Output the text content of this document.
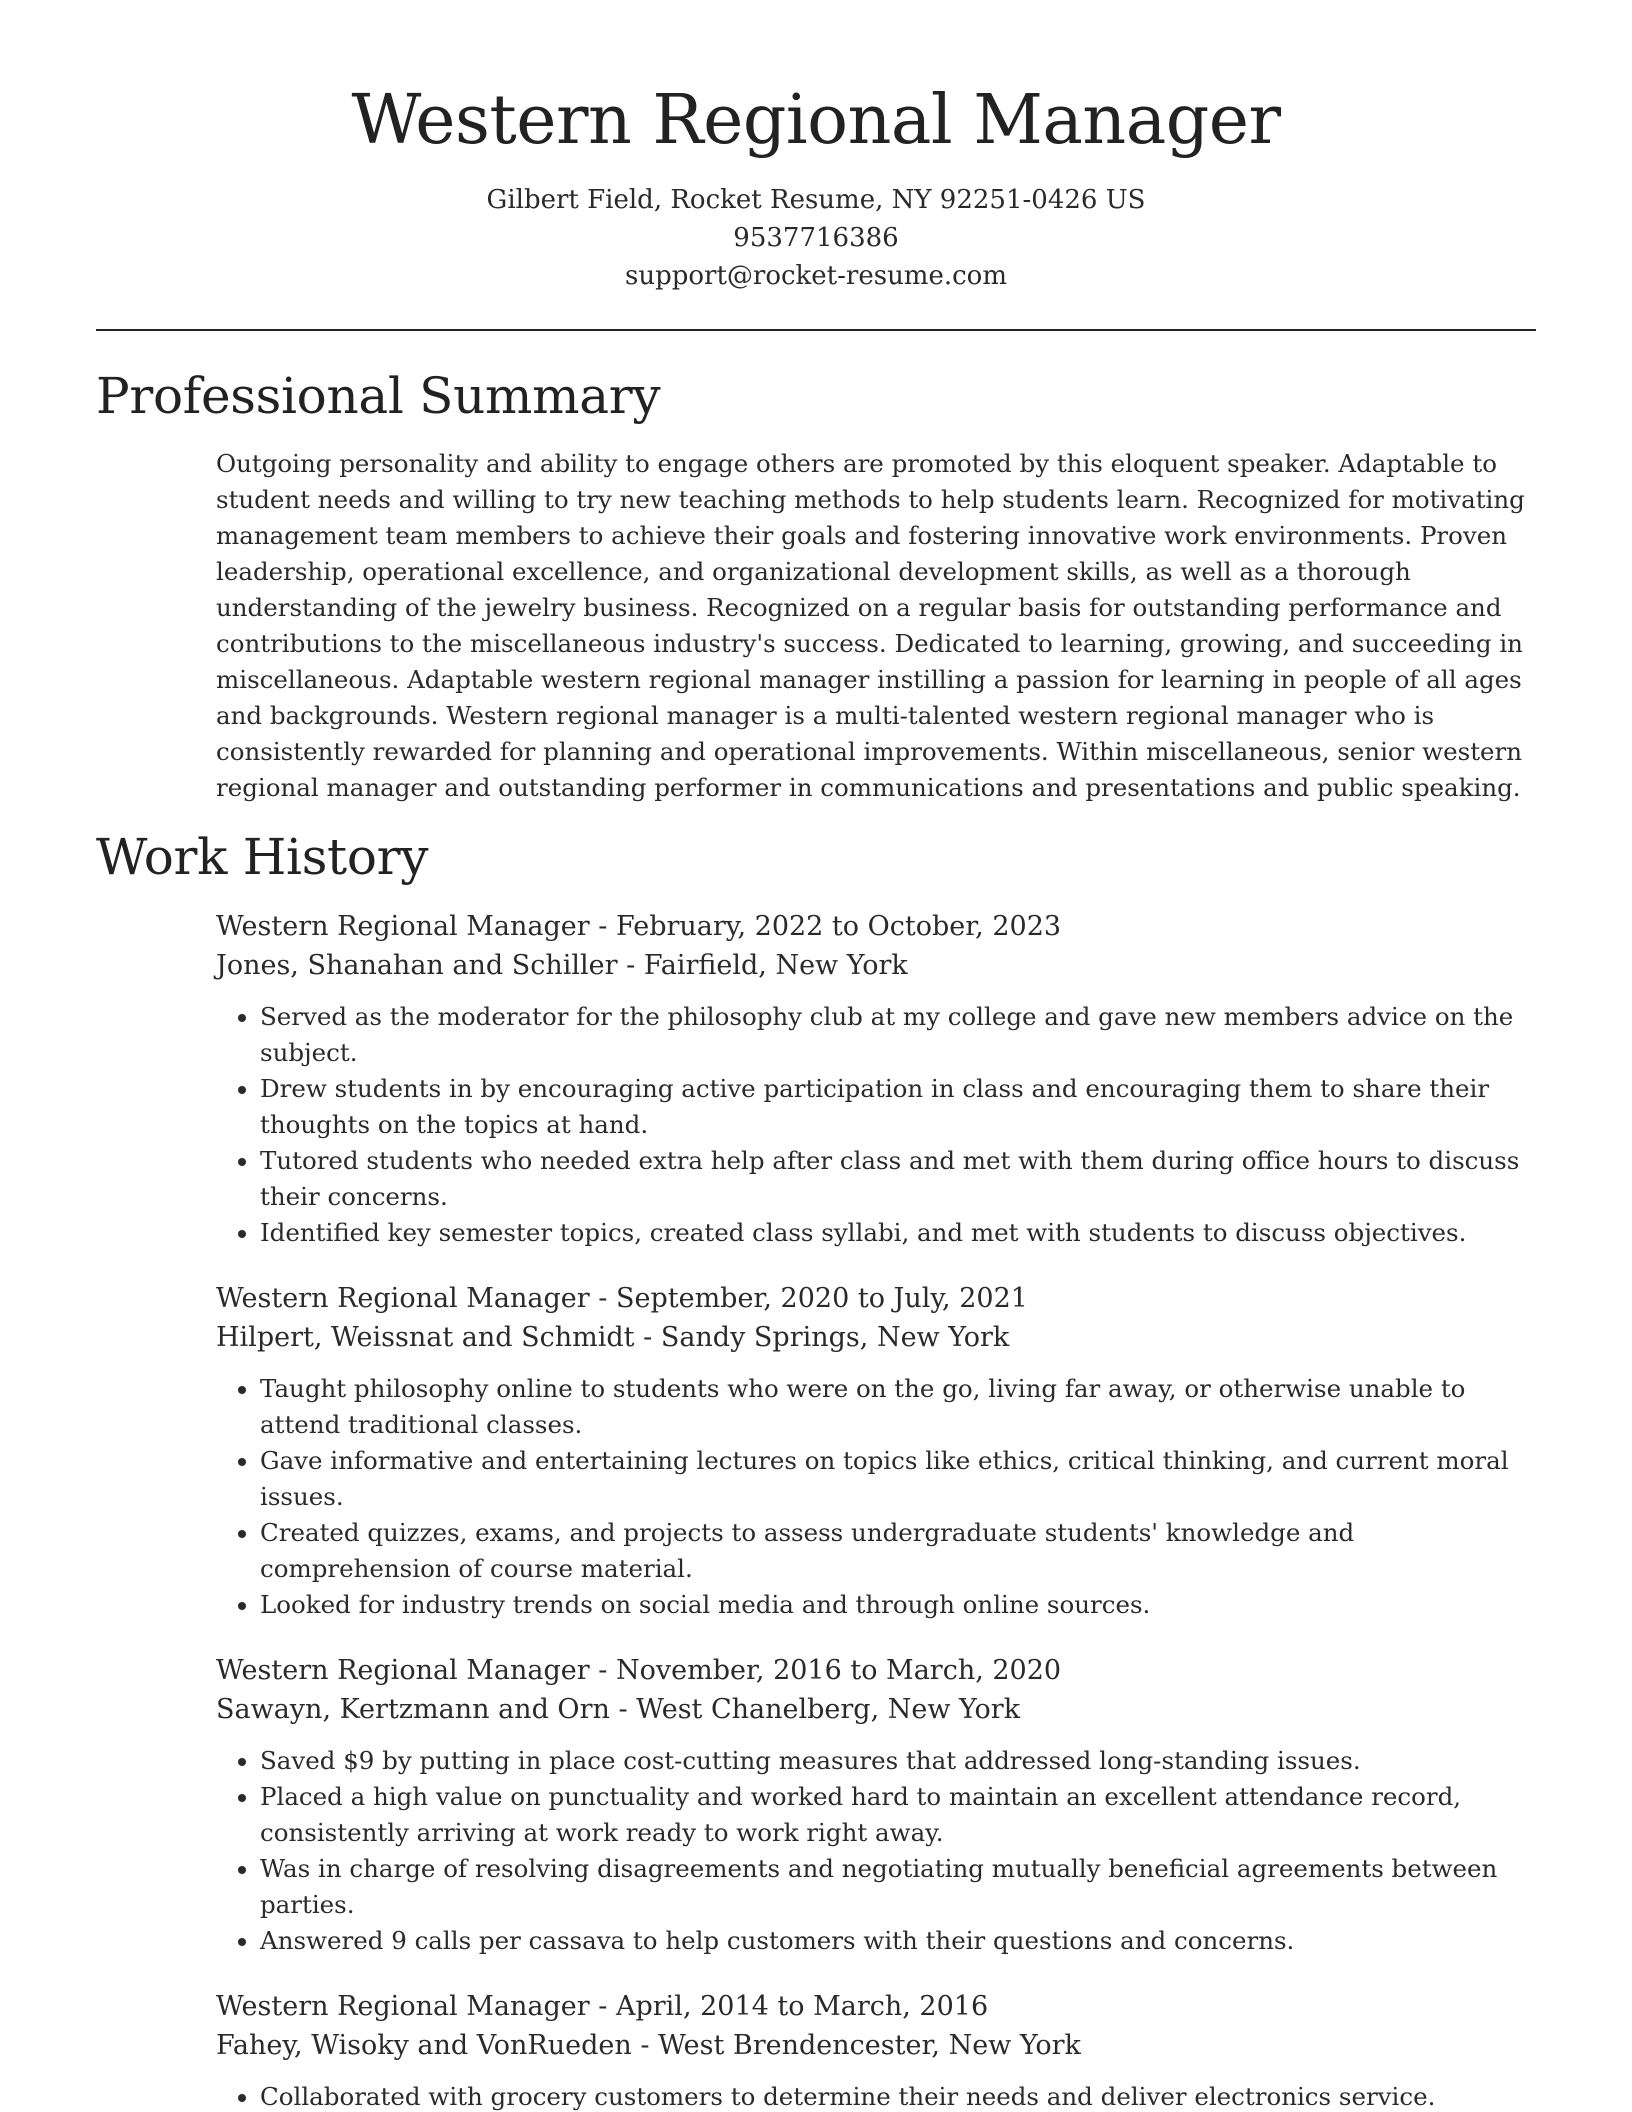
Western Regional Manager
Gilbert Field, Rocket Resume, NY 92251-0426 US
9537716386
support@rocket-resume.com
Professional Summary

Outgoing personality and ability to engage others are promoted by this eloquent speaker. Adaptable to student needs and willing to try new teaching methods to help students learn. Recognized for motivating management team members to achieve their goals and fostering innovative work environments. Proven leadership, operational excellence, and organizational development skills, as well as a thorough understanding of the jewelry business. Recognized on a regular basis for outstanding performance and contributions to the miscellaneous industry's success. Dedicated to learning, growing, and succeeding in miscellaneous. Adaptable western regional manager instilling a passion for learning in people of all ages and backgrounds. Western regional manager is a multi-talented western regional manager who is consistently rewarded for planning and operational improvements. Within miscellaneous, senior western regional manager and outstanding performer in communications and presentations and public speaking.

Work History
Western Regional Manager - February, 2022 to October, 2023
Jones, Shanahan and Schiller - Fairfield, New York
• Served as the moderator for the philosophy club at my college and gave new members advice on the subject.
• Drew students in by encouraging active participation in class and encouraging them to share their thoughts on the topics at hand.
• Tutored students who needed extra help after class and met with them during office hours to discuss their concerns.
• Identified key semester topics, created class syllabi, and met with students to discuss objectives.
Western Regional Manager - September, 2020 to July, 2021
Hilpert, Weissnat and Schmidt - Sandy Springs, New York
• Taught philosophy online to students who were on the go, living far away, or otherwise unable to attend traditional classes.
• Gave informative and entertaining lectures on topics like ethics, critical thinking, and current moral issues.
• Created quizzes, exams, and projects to assess undergraduate students' knowledge and comprehension of course material.
• Looked for industry trends on social media and through online sources.
Western Regional Manager - November, 2016 to March, 2020
Sawayn, Kertzmann and Orn - West Chanelberg, New York
• Saved $9 by putting in place cost-cutting measures that addressed long-standing issues.
• Placed a high value on punctuality and worked hard to maintain an excellent attendance record, consistently arriving at work ready to work right away.
• Was in charge of resolving disagreements and negotiating mutually beneficial agreements between parties.
• Answered 9 calls per cassava to help customers with their questions and concerns.
Western Regional Manager - April, 2014 to March, 2016
Fahey, Wisoky and VonRueden - West Brendencester, New York
• Collaborated with grocery customers to determine their needs and deliver electronics service.
